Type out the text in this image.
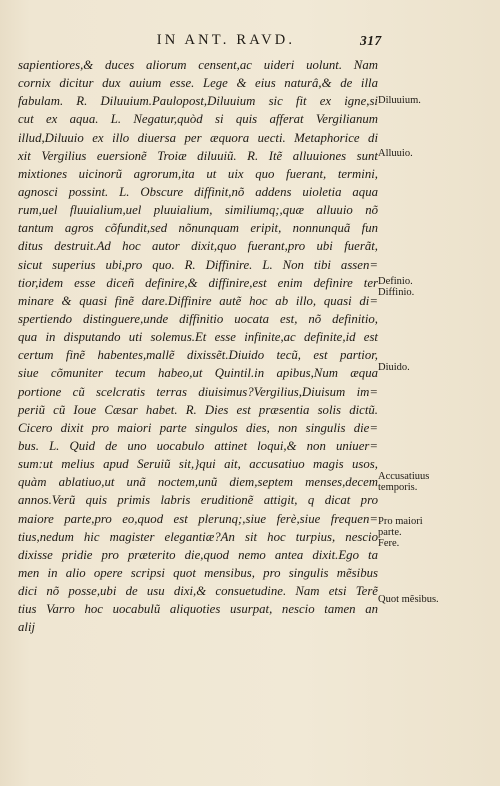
IN ANT. RAVD.	317
sapientiores,& duces aliorum censent,ac uideri uolunt. Nam
cornix dicitur dux auium esse. Lege & eius naturâ,& de illa
fabulam. R. Diluuium.Paulopost,Diluuium sic fit ex igne,si
cut ex aqua. L. Negatur,quòd si quis afferat Vergilianum
illud,Diluuio ex illo diuersa per æquora uecti. Metaphorice di
xit Vergilius euersionẽ Troiæ diluuiũ. R. Itẽ alluuiones sunt
mixtiones uicinorũ agrorum,ita ut uix quo fuerant, termini,
agnosci possint. L. Obscure diffinit,nõ addens uioletia aqua
rum,uel fluuialium,uel pluuialium, similiumq;,quæ alluuio nõ
tantum agros cõfundit,sed nõnunquam eripit, nonnunquã fun
ditus destruit.Ad hoc autor dixit,quo fuerant,pro ubi fuerãt,
sicut superius ubi,pro quo. R. Diffinire. L. Non tibi assen=
tior,idem esse diceñ definire,& diffinire,est enim definire ter
minare & quasi finẽ dare.Diffinire autẽ hoc ab illo, quasi di=
spertiendo distinguere,unde diffinitio uocata est, nõ definitio,
qua in disputando uti solemus.Et esse infinite,ac definite,id est
certum finẽ habentes,mallẽ dixissẽt.Diuido tecũ, est partior,
siue cõmuniter tecum habeo,ut Quintil.in apibus,Num æqua
portione cũ scelcratis terras diuisimus?Vergilius,Diuisum im=
periũ cũ Ioue Cæsar habet. R. Dies est præsentia solis dictũ.
Cicero dixit pro maiori parte singulos dies, non singulis die=
bus. L. Quid de uno uocabulo attinet loqui,& non uniuer=
sum:ut melius apud Seruiũ sit,}qui ait, accusatiuo magis usos,
quàm ablatiuo,ut unã noctem,unũ diem,septem menses,decem
annos.Verũ quis primis labris eruditionẽ attigit, q dicat pro
maiore parte,pro eo,quod est plerunq;,siue ferè,siue frequen=
tius,nedum hic magister elegantiæ?An sit hoc turpius, nescio
dixisse pridie pro præterito die,quod nemo antea dixit.Ego ta
men in alio opere scripsi quot mensibus, pro singulis mẽsibus
dici nõ posse,ubi de usu dixi,& consuetudine. Nam etsi Terẽ
tius Varro hoc uocabulũ aliquoties usurpat, nescio tamen an
alij
Diluuium.
Alluuio.
Definio.
Diffinio.
Diuido.
Accusatiuus
temporis.
Pro maiori
parte.
Fere.
Quot mẽsibus.
